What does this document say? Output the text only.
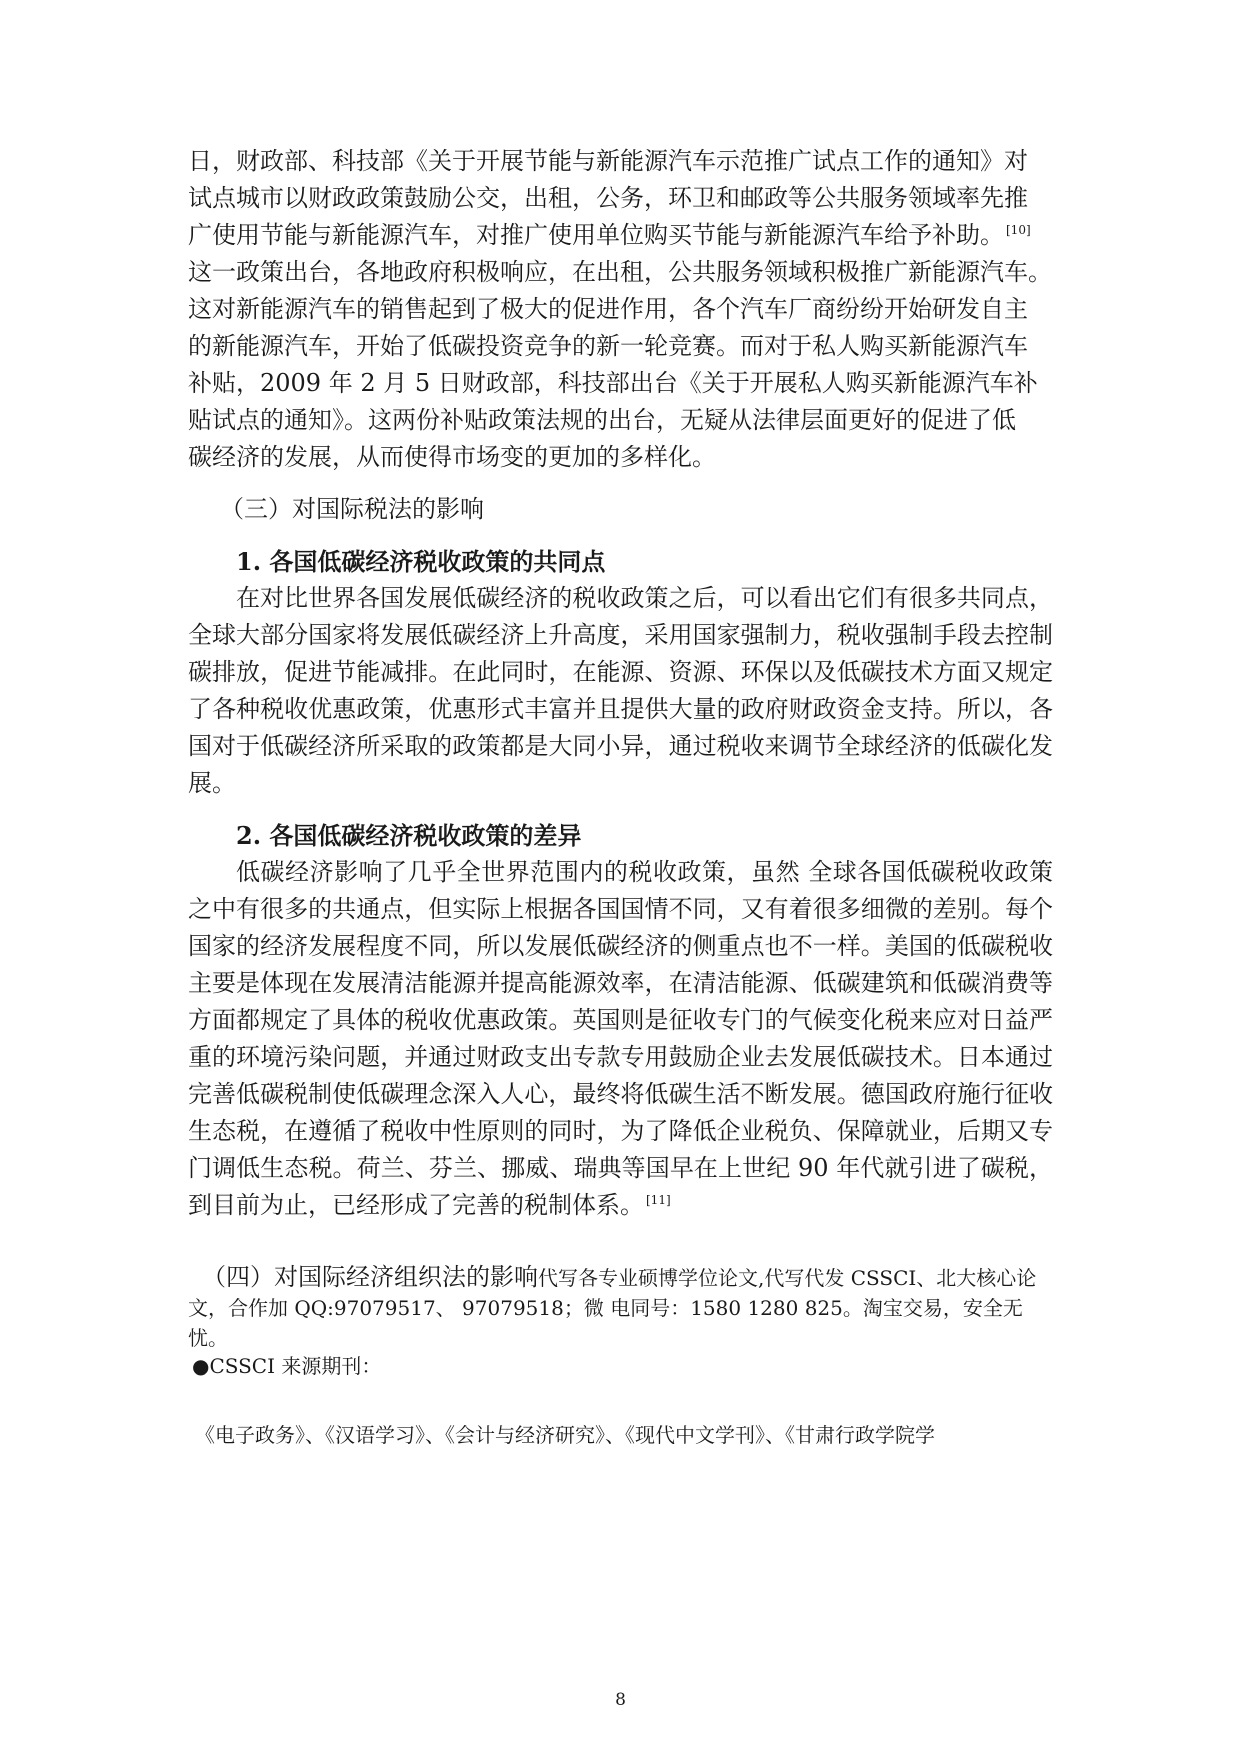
日，财政部、科技部《关于开展节能与新能源汽车示范推广试点工作的通知》对

试点城市以财政政策鼓励公交，出租，公务，环卫和邮政等公共服务领域率先推

广使用节能与新能源汽车，对推广使用单位购买节能与新能源汽车给予补助。 [10]

这一政策出台，各地政府积极响应，在出租，公共服务领域积极推广新能源汽车。

这对新能源汽车的销售起到了极大的促进作用，各个汽车厂商纷纷开始研发自主

的新能源汽车，开始了低碳投资竞争的新一轮竞赛。而对于私人购买新能源汽车

补贴，2009 年 2 月 5 日财政部，科技部出台《关于开展私人购买新能源汽车补

贴试点的通知》。这两份补贴政策法规的出台，无疑从法律层面更好的促进了低

碳经济的发展，从而使得市场变的更加的多样化。

（三）对国际税法的影响

1. 各国低碳经济税收政策的共同点

在对比世界各国发展低碳经济的税收政策之后，可以看出它们有很多共同点，全球大部分国家将发展低碳经济上升高度，采用国家强制力，税收强制手段去控制碳排放，促进节能减排。在此同时，在能源、资源、环保以及低碳技术方面又规定了各种税收优惠政策，优惠形式丰富并且提供大量的政府财政资金支持。所以，各国对于低碳经济所采取的政策都是大同小异，通过税收来调节全球经济的低碳化发展。

2. 各国低碳经济税收政策的差异

低碳经济影响了几乎全世界范围内的税收政策，虽然 全球各国低碳税收政策之中有很多的共通点，但实际上根据各国国情不同，又有着很多细微的差别。每个国家的经济发展程度不同，所以发展低碳经济的侧重点也不一样。美国的低碳税收主要是体现在发展清洁能源并提高能源效率，在清洁能源、低碳建筑和低碳消费等方面都规定了具体的税收优惠政策。英国则是征收专门的气候变化税来应对日益严重的环境污染问题，并通过财政支出专款专用鼓励企业去发展低碳技术。日本通过完善低碳税制使低碳理念深入人心，最终将低碳生活不断发展。德国政府施行征收生态税，在遵循了税收中性原则的同时，为了降低企业税负、保障就业，后期又专门调低生态税。荷兰、芬兰、挪威、瑞典等国早在上世纪 90 年代就引进了碳税，到目前为止，已经形成了完善的税制体系。 [11]

（四）对国际经济组织法的影响代写各专业硕博学位论文,代写代发 CSSCI、北大核心论文，合作加 QQ:97079517、 97079518；微 电同号：1580 1280 825。淘宝交易，安全无忧。

●CSSCI 来源期刊：

《电子政务》、《汉语学习》、《会计与经济研究》、《现代中文学刊》、《甘肃行政学院学

8
